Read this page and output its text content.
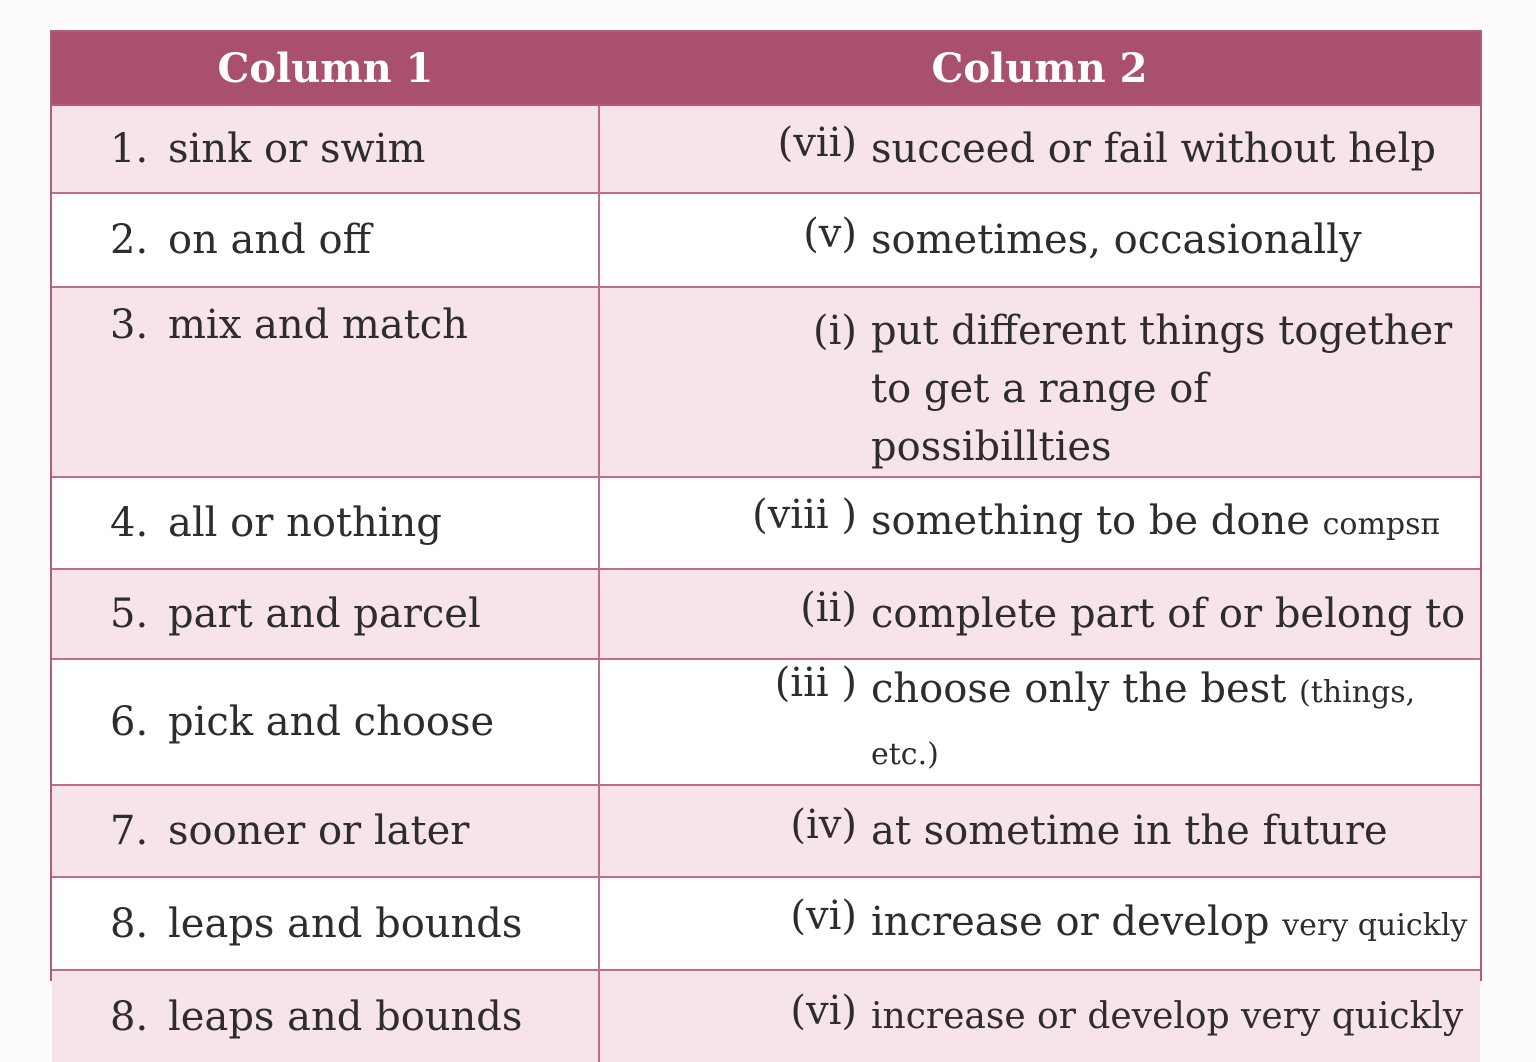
Column 1	Column 2
1. sink or swim	(vii) succeed or fail without help

2. on and off	(v) sometimes, occasionally

3. mix and match	(i) put different things together to get a range of possibillties

4. all or nothing	(viii ) something to be done compsп

5. part and parcel	(ii) complete part of or belong to

6. pick and choose	(iii ) choose only the best (things, etc.)

7. sooner or later	(iv) at sometime in the future

8. leaps and bounds	(vi) increase or develop very quickly

8. leaps and bounds	(vi) increase or develop very quickly
